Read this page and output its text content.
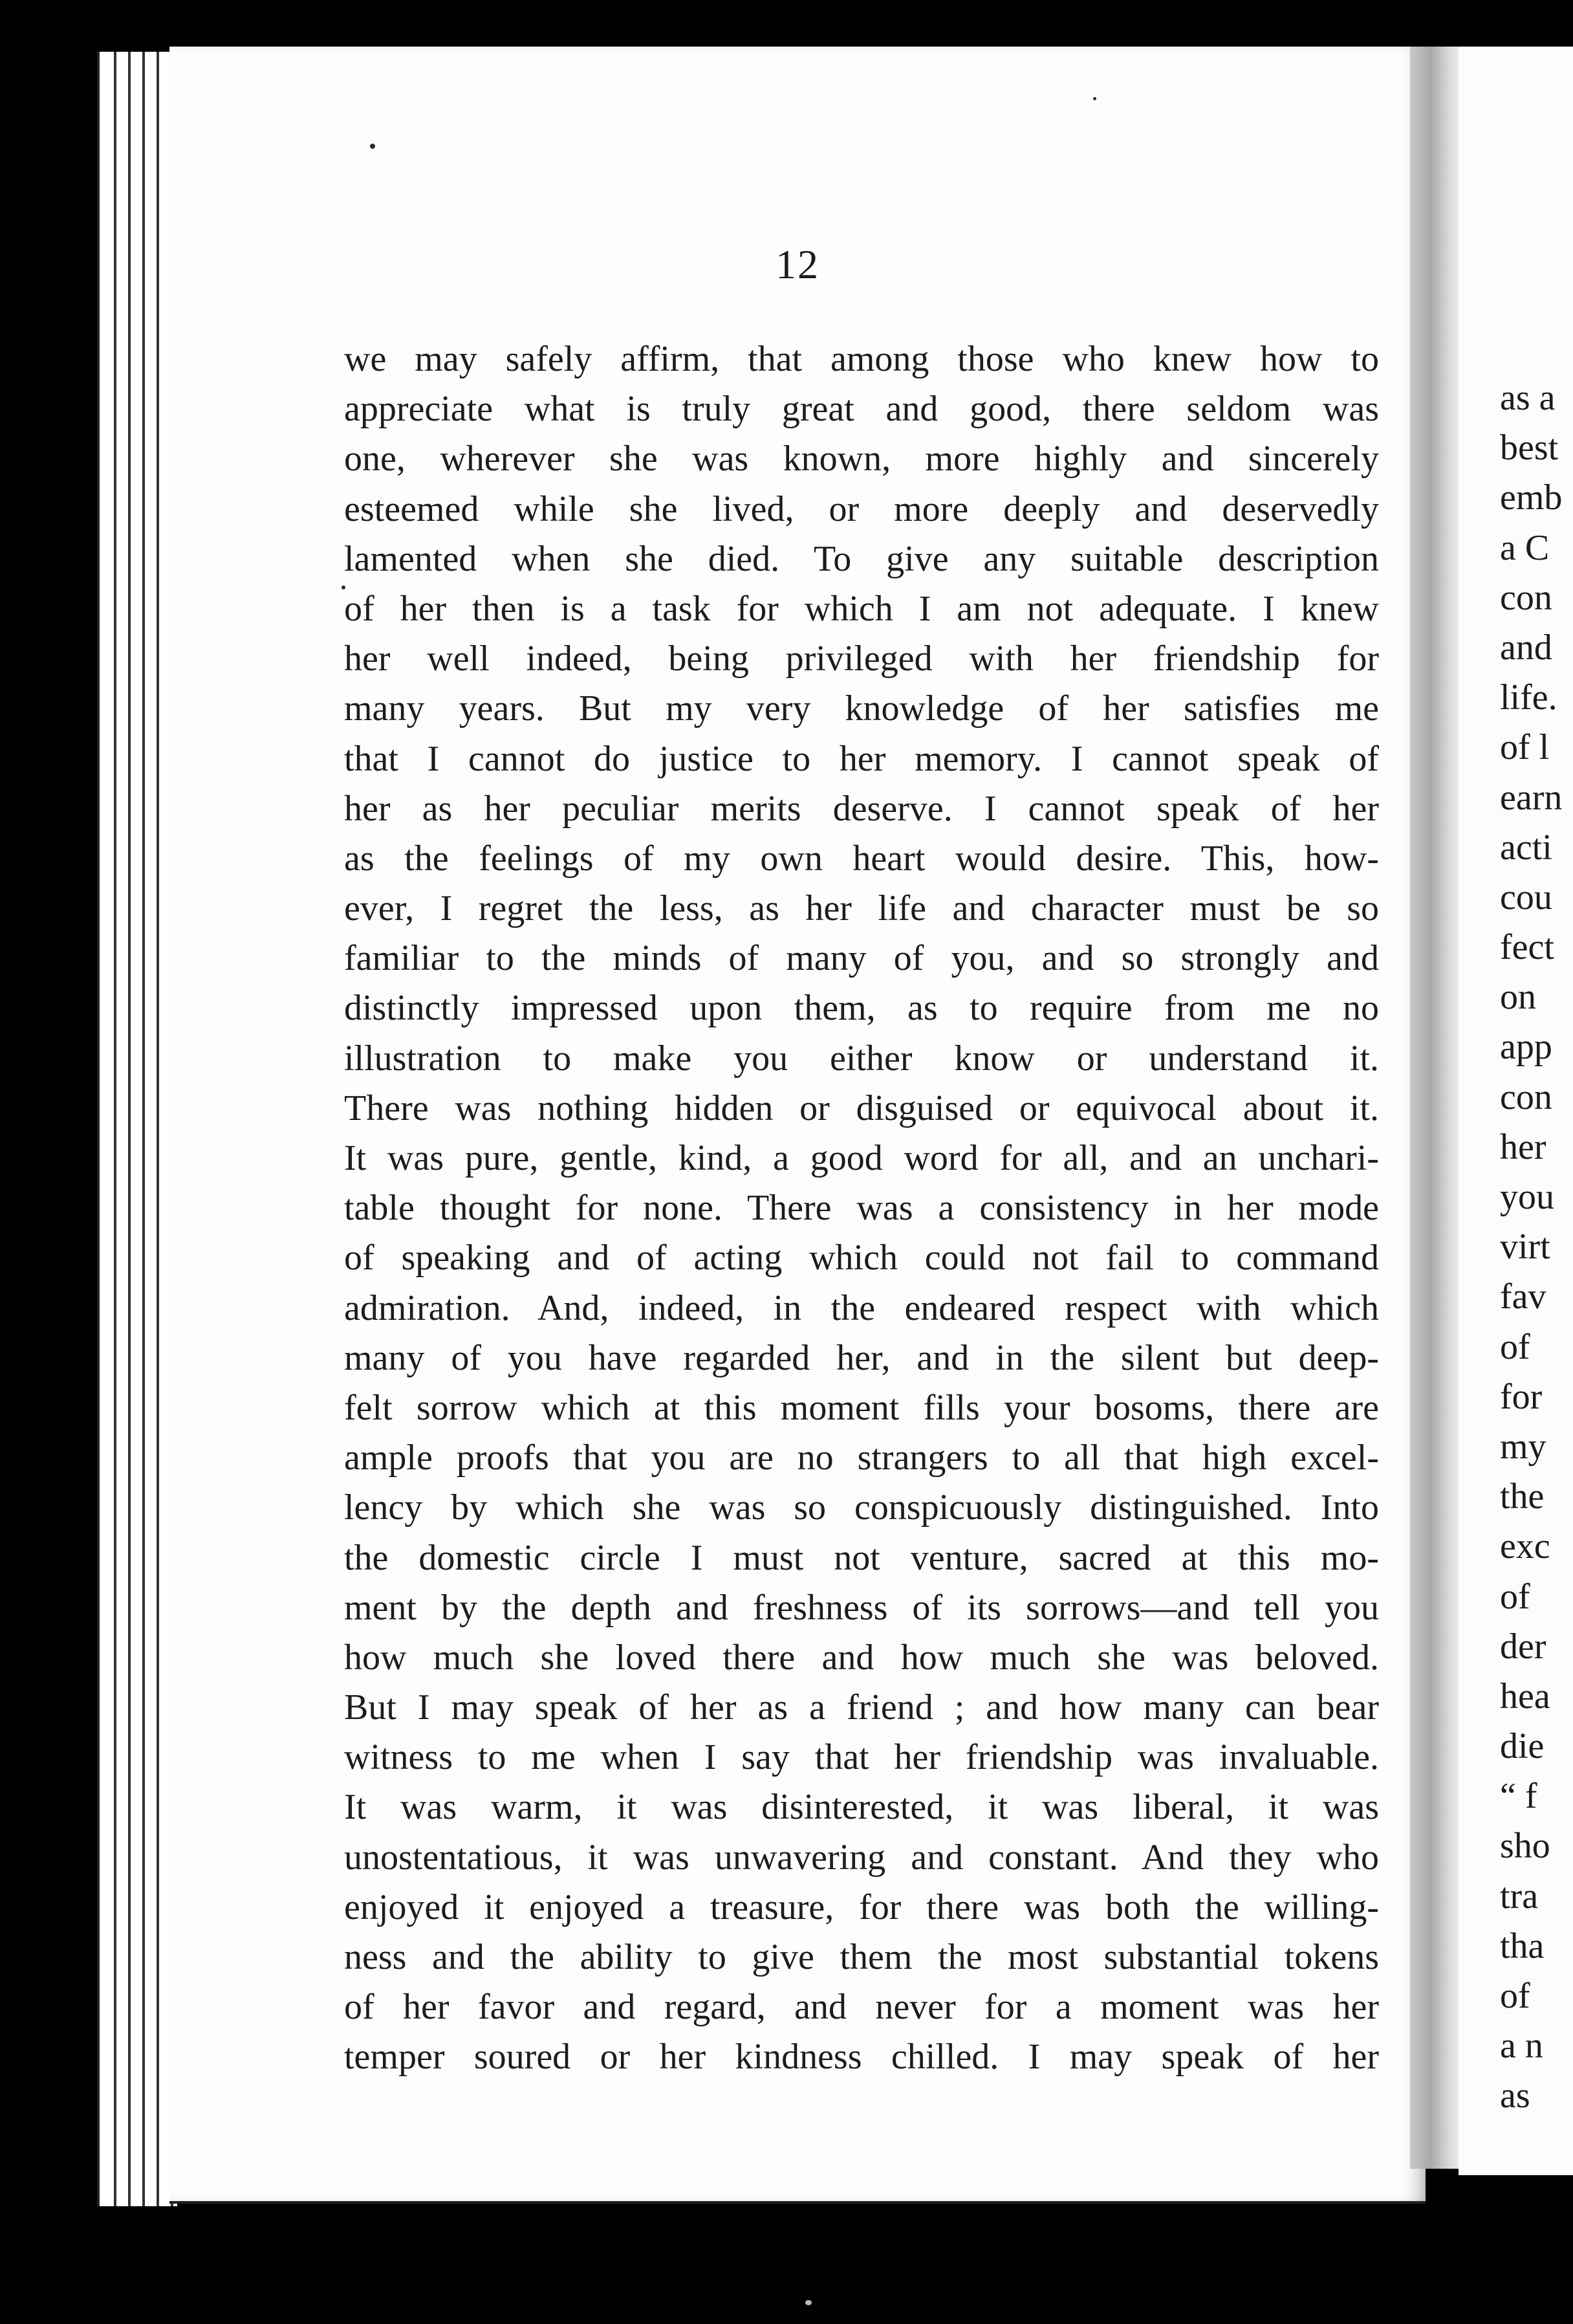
12
we may safely affirm, that among those who knew how to
appreciate what is truly great and good, there seldom was
one, wherever she was known, more highly and sincerely
esteemed while she lived, or more deeply and deservedly
lamented when she died. To give any suitable description
of her then is a task for which I am not adequate. I knew
her well indeed, being privileged with her friendship for
many years. But my very knowledge of her satisfies me
that I cannot do justice to her memory. I cannot speak of
her as her peculiar merits deserve. I cannot speak of her
as the feelings of my own heart would desire. This, how-
ever, I regret the less, as her life and character must be so
familiar to the minds of many of you, and so strongly and
distinctly impressed upon them, as to require from me no
illustration to make you either know or understand it.
There was nothing hidden or disguised or equivocal about it.
It was pure, gentle, kind, a good word for all, and an unchari-
table thought for none. There was a consistency in her mode
of speaking and of acting which could not fail to command
admiration. And, indeed, in the endeared respect with which
many of you have regarded her, and in the silent but deep-
felt sorrow which at this moment fills your bosoms, there are
ample proofs that you are no strangers to all that high excel-
lency by which she was so conspicuously distinguished. Into
the domestic circle I must not venture, sacred at this mo-
ment by the depth and freshness of its sorrows—and tell you
how much she loved there and how much she was beloved.
But I may speak of her as a friend ; and how many can bear
witness to me when I say that her friendship was invaluable.
It was warm, it was disinterested, it was liberal, it was
unostentatious, it was unwavering and constant. And they who
enjoyed it enjoyed a treasure, for there was both the willing-
ness and the ability to give them the most substantial tokens
of her favor and regard, and never for a moment was her
temper soured or her kindness chilled. I may speak of her
as a
best
emb
a C
con
and
life.
of l
earn
acti
cou
fect
on
app
con
her
you
virt
fav
of
for
my
the
exc
of
der
hea
die
“ f
sho
tra
tha
of
a n
as
